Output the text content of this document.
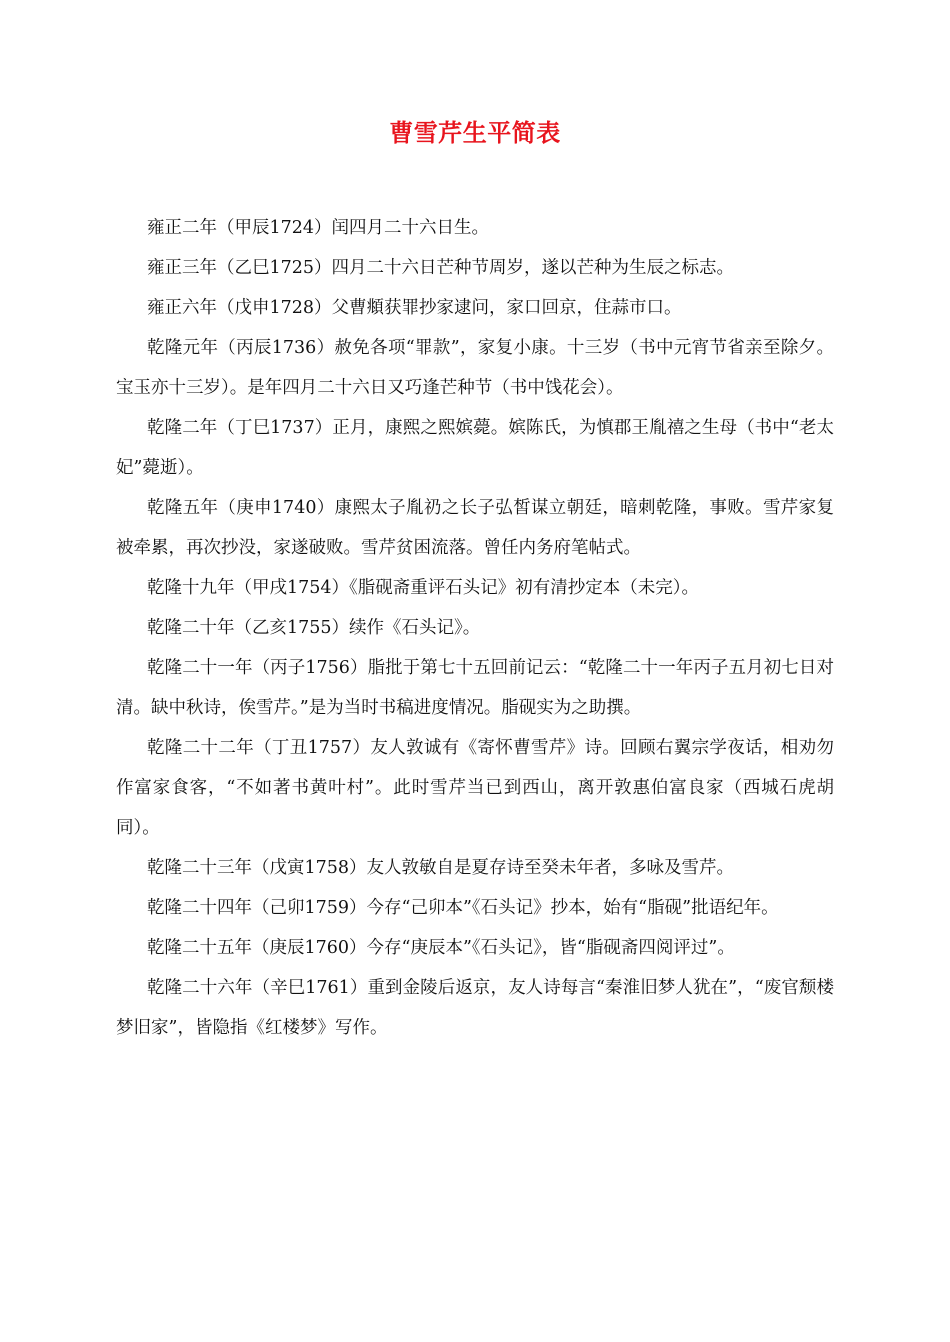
曹雪芹生平简表

雍正二年（甲辰1724）闰四月二十六日生。

雍正三年（乙巳1725）四月二十六日芒种节周岁，遂以芒种为生辰之标志。

雍正六年（戊申1728）父曹頫获罪抄家逮问，家口回京，住蒜市口。

乾隆元年（丙辰1736）赦免各项“罪款”，家复小康。十三岁（书中元宵节省亲至除夕。宝玉亦十三岁）。是年四月二十六日又巧逢芒种节（书中饯花会）。

乾隆二年（丁巳1737）正月，康熙之熙嫔薨。嫔陈氏，为慎郡王胤禧之生母（书中“老太妃”薨逝）。

乾隆五年（庚申1740）康熙太子胤礽之长子弘皙谋立朝廷，暗刺乾隆，事败。雪芹家复被牵累，再次抄没，家遂破败。雪芹贫困流落。曾任内务府笔帖式。

乾隆十九年（甲戌1754）《脂砚斋重评石头记》初有清抄定本（未完）。

乾隆二十年（乙亥1755）续作《石头记》。

乾隆二十一年（丙子1756）脂批于第七十五回前记云：“乾隆二十一年丙子五月初七日对清。缺中秋诗，俟雪芹。”是为当时书稿进度情况。脂砚实为之助撰。

乾隆二十二年（丁丑1757）友人敦诚有《寄怀曹雪芹》诗。回顾右翼宗学夜话，相劝勿作富家食客，“不如著书黄叶村”。此时雪芹当已到西山，离开敦惠伯富良家（西城石虎胡同）。

乾隆二十三年（戊寅1758）友人敦敏自是夏存诗至癸未年者，多咏及雪芹。

乾隆二十四年（己卯1759）今存“己卯本”《石头记》抄本，始有“脂砚”批语纪年。

乾隆二十五年（庚辰1760）今存“庚辰本”《石头记》，皆“脂砚斋四阅评过”。

乾隆二十六年（辛巳1761）重到金陵后返京，友人诗每言“秦淮旧梦人犹在”，“废官颓楼梦旧家”，皆隐指《红楼梦》写作。
